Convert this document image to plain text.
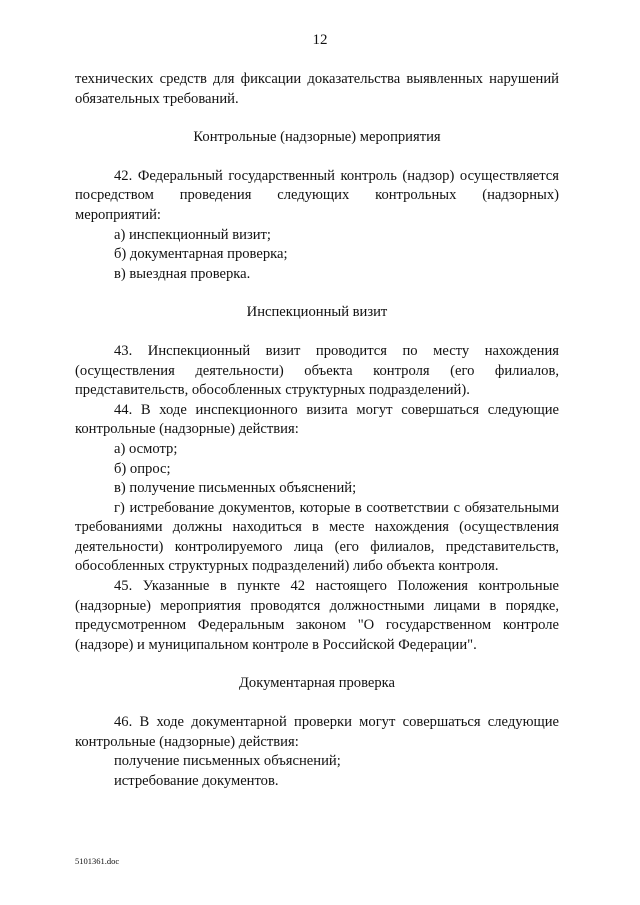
12

технических средств для фиксации доказательства выявленных нарушений обязательных требований.

Контрольные (надзорные) мероприятия

42. Федеральный государственный контроль (надзор) осуществляется посредством проведения следующих контрольных (надзорных) мероприятий:

а) инспекционный визит;

б) документарная проверка;

в) выездная проверка.

Инспекционный визит

43. Инспекционный визит проводится по месту нахождения (осуществления деятельности) объекта контроля (его филиалов, представительств, обособленных структурных подразделений).

44. В ходе инспекционного визита могут совершаться следующие контрольные (надзорные) действия:

а) осмотр;

б) опрос;

в) получение письменных объяснений;

г) истребование документов, которые в соответствии с обязательными требованиями должны находиться в месте нахождения (осуществления деятельности) контролируемого лица (его филиалов, представительств, обособленных структурных подразделений) либо объекта контроля.

45. Указанные в пункте 42 настоящего Положения контрольные (надзорные) мероприятия проводятся должностными лицами в порядке, предусмотренном Федеральным законом "О государственном контроле (надзоре) и муниципальном контроле в Российской Федерации".

Документарная проверка

46. В ходе документарной проверки могут совершаться следующие контрольные (надзорные) действия:

получение письменных объяснений;

истребование документов.

5101361.doc
